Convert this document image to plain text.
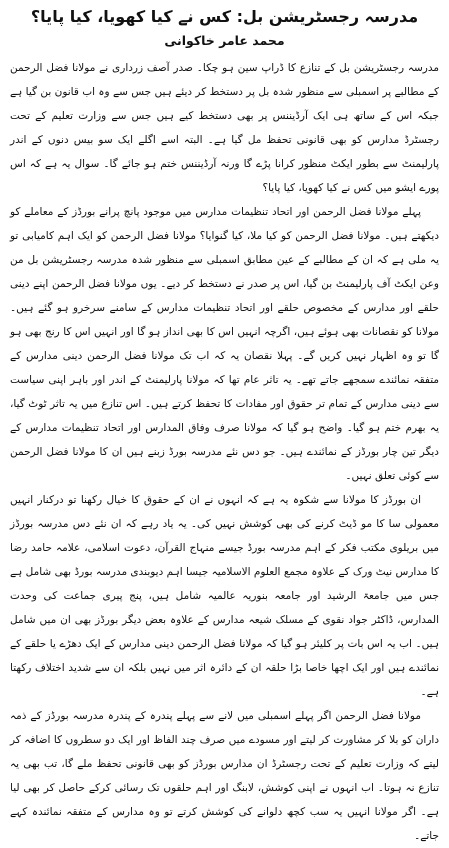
مدرسہ رجسٹریشن بل: کس نے کیا کھویا، کیا پایا؟
محمد عامر خاکوانی

مدرسہ رجسٹریشن بل کے تنازع کا ڈراپ سین ہو چکا۔ صدر آصف زرداری نے مولانا فضل الرحمن کے مطالبے پر اسمبلی سے منظور شدہ بل پر دستخط کر دیئے ہیں جس سے وہ اب قانون بن گیا ہے جبکہ اس کے ساتھ ہی ایک آرڈیننس پر بھی دستخط کیے ہیں جس سے وزارت تعلیم کے تحت رجسٹرڈ مدارس کو بھی قانونی تحفظ مل گیا ہے۔ البتہ اسے اگلے ایک سو بیس دنوں کے اندر پارلیمنٹ سے بطور ایکٹ منظور کرانا پڑے گا ورنہ آرڈیننس ختم ہو جائے گا۔ سوال یہ ہے کہ اس پورے ایشو میں کس نے کیا کھویا، کیا پایا؟

پہلے مولانا فضل الرحمن اور اتحاد تنظیمات مدارس میں موجود پانچ پرانے بورڈز کے معاملے کو دیکھتے ہیں۔ مولانا فضل الرحمن کو کیا ملا، کیا گنوایا؟ مولانا فضل الرحمن کو ایک اہم کامیابی تو یہ ملی ہے کہ ان کے مطالبے کے عین مطابق اسمبلی سے منظور شدہ مدرسہ رجسٹریشن بل من وعن ایکٹ آف پارلیمنٹ بن گیا، اس پر صدر نے دستخط کر دیے۔ یوں مولانا فضل الرحمن اپنے دینی حلقے اور مدارس کے مخصوص حلقے اور اتحاد تنظیمات مدارس کے سامنے سرخرو ہو گئے ہیں۔ مولانا کو نقصانات بھی ہوئے ہیں، اگرچہ انہیں اس کا بھی انداز ہو گا اور انہیں اس کا رنج بھی ہو گا تو وہ اظہار نہیں کریں گے۔ پہلا نقصان یہ کہ اب تک مولانا فضل الرحمن دینی مدارس کے متفقہ نمائندے سمجھے جاتے تھے۔ یہ تاثر عام تھا کہ مولانا پارلیمنٹ کے اندر اور باہر اپنی سیاست سے دینی مدارس کے تمام تر حقوق اور مفادات کا تحفظ کرتے ہیں۔ اس تنازع میں یہ تاثر ٹوٹ گیا، یہ بھرم ختم ہو گیا۔ واضح ہو گیا کہ مولانا صرف وفاق المدارس اور اتحاد تنظیمات مدارس کے دیگر تین چار بورڈز کے نمائندے ہیں۔ جو دس نئے مدرسہ بورڈ زبنے ہیں ان کا مولانا فضل الرحمن سے کوئی تعلق نہیں۔

ان بورڈز کا مولانا سے شکوہ یہ ہے کہ انہوں نے ان کے حقوق کا خیال رکھنا تو درکنار انہیں معمولی سا کا مو ڈیٹ کرنے کی بھی کوشش نہیں کی۔ یہ یاد رہے کہ ان نئے دس مدرسہ بورڈز میں بریلوی مکتب فکر کے اہم مدرسہ بورڈ جیسے منہاج القرآن، دعوت اسلامی، علامہ حامد رضا کا مدارس نیٹ ورک کے علاوہ مجمع العلوم الاسلامیہ جیسا اہم دیوبندی مدرسہ بورڈ بھی شامل ہے جس میں جامعۃ الرشید اور جامعہ بنوریہ عالمیہ شامل ہیں، پنج پیری جماعت کی وحدت المدارس، ڈاکٹر جواد نقوی کے مسلک شیعہ مدارس کے علاوہ بعض دیگر بورڈز بھی ان میں شامل ہیں۔ اب یہ اس بات پر کلیئر ہو گیا کہ مولانا فضل الرحمن دینی مدارس کے ایک دھڑے یا حلقے کے نمائندے ہیں اور ایک اچھا خاصا بڑا حلقہ ان کے دائرہ اثر میں نہیں بلکہ ان سے شدید اختلاف رکھتا ہے۔

مولانا فضل الرحمن اگر پہلے اسمبلی میں لانے سے پہلے پندرہ کے پندرہ مدرسہ بورڈز کے ذمہ داران کو بلا کر مشاورت کر لیتے اور مسودے میں صرف چند الفاظ اور ایک دو سطروں کا اضافہ کر لیتے کہ وزارت تعلیم کے تحت رجسٹرڈ ان مدارس بورڈز کو بھی قانونی تحفظ ملے گا، تب بھی یہ تنازع نہ ہوتا۔ اب انہوں نے اپنی کوشش، لابنگ اور اہم حلقوں تک رسائی کرکے حاصل کر بھی لیا ہے۔ اگر مولانا انہیں یہ سب کچھ دلوانے کی کوشش کرتے تو وہ مدارس کے متفقہ نمائندہ کہے جاتے۔
